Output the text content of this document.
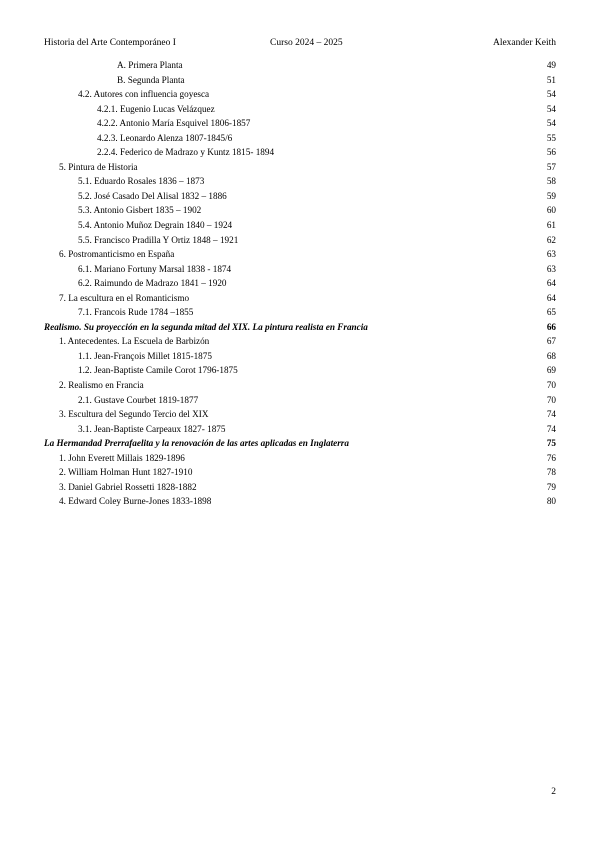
Historia del Arte Contemporáneo I	Curso 2024 – 2025	Alexander Keith
A. Primera Planta	49
B. Segunda Planta	51
4.2. Autores con influencia goyesca	54
4.2.1. Eugenio Lucas Velázquez	54
4.2.2. Antonio María Esquivel 1806-1857	54
4.2.3. Leonardo Alenza 1807-1845/6	55
2.2.4. Federico de Madrazo y Kuntz 1815- 1894	56
5. Pintura de Historia	57
5.1. Eduardo Rosales 1836 – 1873	58
5.2. José Casado Del Alisal 1832 – 1886	59
5.3. Antonio Gisbert 1835 – 1902	60
5.4. Antonio Muñoz Degrain 1840 – 1924	61
5.5. Francisco Pradilla Y Ortiz 1848 – 1921	62
6. Postromanticismo en España	63
6.1. Mariano Fortuny Marsal 1838 - 1874	63
6.2. Raimundo de Madrazo 1841 – 1920	64
7. La escultura en el Romanticismo	64
7.1. Francois Rude 1784 –1855	65
Realismo. Su proyección en la segunda mitad del XIX. La pintura realista en Francia	66
1. Antecedentes. La Escuela de Barbizón	67
1.1. Jean-François Millet 1815-1875	68
1.2. Jean-Baptiste Camile Corot 1796-1875	69
2. Realismo en Francia	70
2.1. Gustave Courbet 1819-1877	70
3. Escultura del Segundo Tercio del XIX	74
3.1. Jean-Baptiste Carpeaux 1827- 1875	74
La Hermandad Prerrafaelita y la renovación de las artes aplicadas en Inglaterra	75
1. John Everett Millais 1829-1896	76
2. William Holman Hunt 1827-1910	78
3. Daniel Gabriel Rossetti 1828-1882	79
4. Edward Coley Burne-Jones 1833-1898	80
2
